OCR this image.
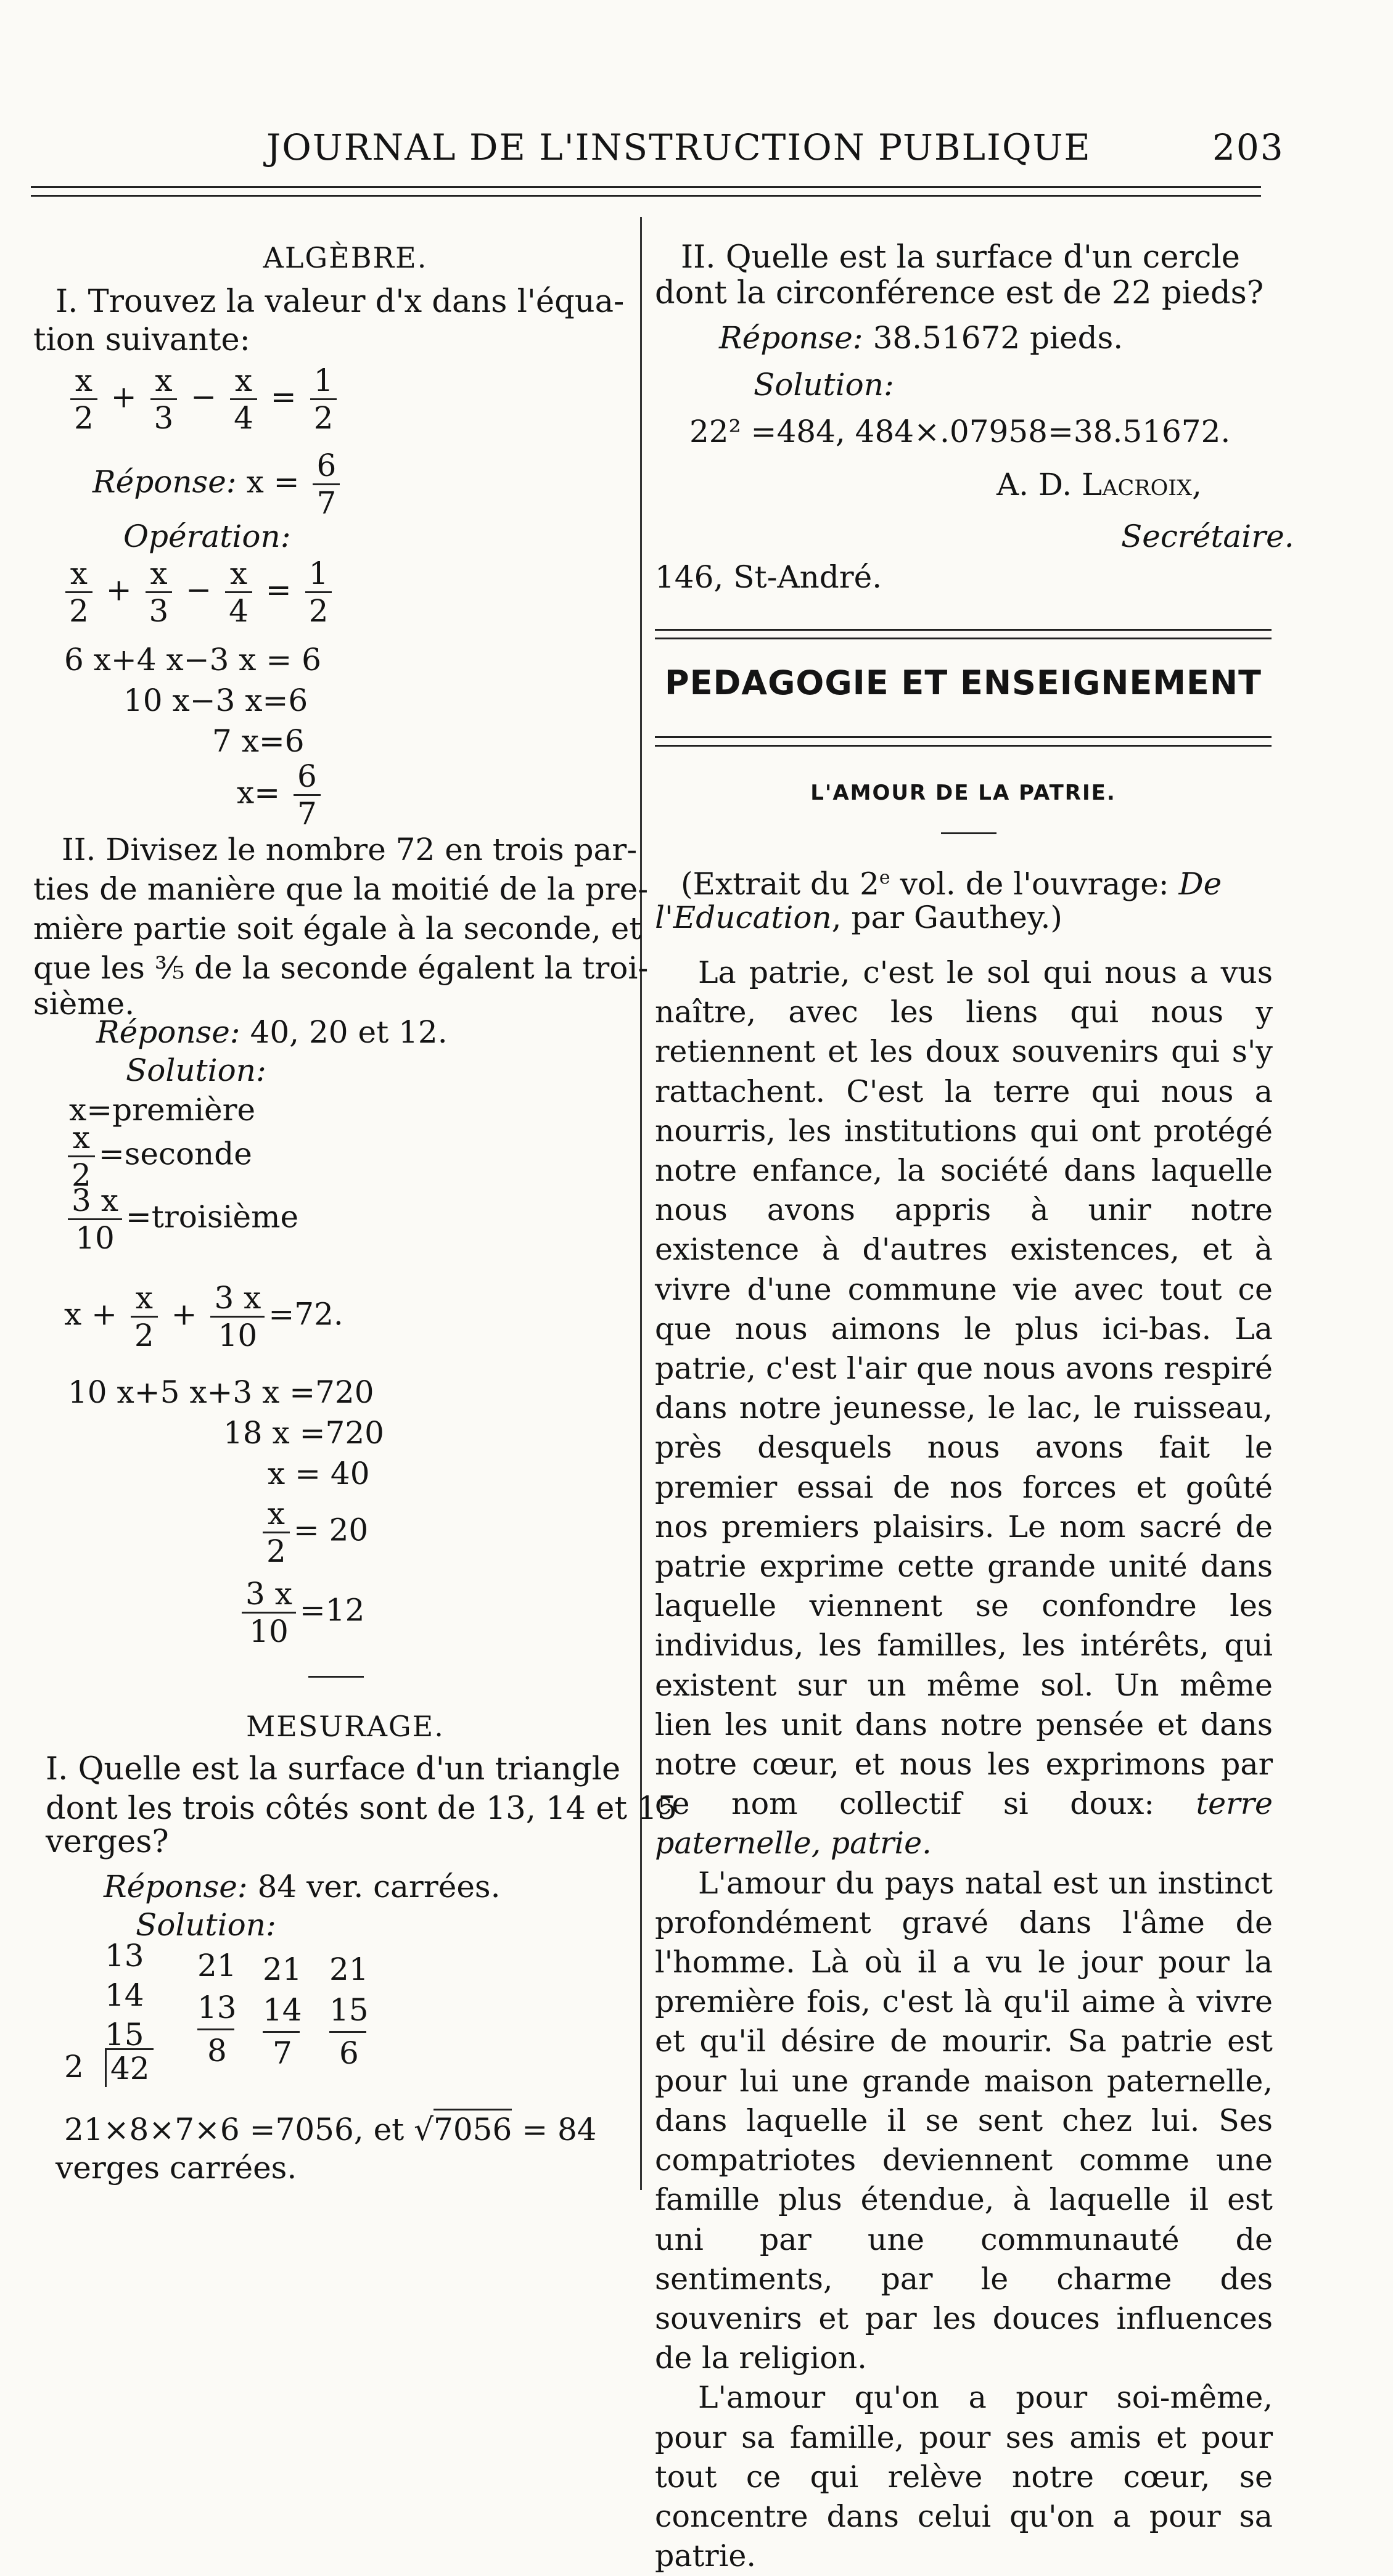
JOURNAL DE L'INSTRUCTION PUBLIQUE	203
ALGÈBRE.
I. Trouvez la valeur d'x dans l'équa-
tion suivante:
$\frac{x}{2} + \frac{x}{3} - \frac{x}{4} = \frac{1}{2}$
Réponse: $x = \frac{6}{7}$
Opération:
$\frac{x}{2} + \frac{x}{3} - \frac{x}{4} = \frac{1}{2}$
6 x+4 x−3 x = 6
10 x−3 x=6
7 x=6
$x= \frac{6}{7}$
II. Divisez le nombre 72 en trois par-
ties de manière que la moitié de la pre-
mière partie soit égale à la seconde, et
que les ⅗ de la seconde égalent la troi-
sième.
Réponse: 40, 20 et 12.
Solution:
x=première
$\frac{x}{2}$ =seconde
$\frac{3 x}{10}$ =troisième
$x + \frac{x}{2} + \frac{3 x}{10} =72$.
10 x+5 x+3 x =720
18 x =720
x = 40
$\frac{x}{2} = 20$
$\frac{3 x}{10} =12$
MESURAGE.
I. Quelle est la surface d'un triangle
dont les trois côtés sont de 13, 14 et 15
verges?
Réponse: 84 ver. carrées.
Solution:
13
14
15
2 42
21
13
8
21
14
7
21
15
6
21×8×7×6 =7056, et √7056 = 84
verges carrées.
II. Quelle est la surface d'un cercle
dont la circonférence est de 22 pieds?
Réponse: 38.51672 pieds.
Solution:
22² =484, 484×.07958=38.51672.
A. D. Lacroix,
Secrétaire.
146, St-André.
PEDAGOGIE ET ENSEIGNEMENT
L'AMOUR DE LA PATRIE.
(Extrait du 2e vol. de l'ouvrage: De
l'Education, par Gauthey.)

La patrie, c'est le sol qui nous a vus naître, avec les liens qui nous y retiennent et les doux souvenirs qui s'y rattachent. C'est la terre qui nous a nourris, les institutions qui ont protégé notre enfance, la société dans laquelle nous avons appris à unir notre existence à d'autres existences, et à vivre d'une commune vie avec tout ce que nous aimons le plus ici-bas. La patrie, c'est l'air que nous avons respiré dans notre jeunesse, le lac, le ruisseau, près desquels nous avons fait le premier essai de nos forces et goûté nos premiers plaisirs. Le nom sacré de patrie exprime cette grande unité dans laquelle viennent se confondre les individus, les familles, les intérêts, qui existent sur un même sol. Un même lien les unit dans notre pensée et dans notre cœur, et nous les exprimons par ce nom collectif si doux: terre paternelle, patrie.

L'amour du pays natal est un instinct profondément gravé dans l'âme de l'homme. Là où il a vu le jour pour la première fois, c'est là qu'il aime à vivre et qu'il désire de mourir. Sa patrie est pour lui une grande maison paternelle, dans laquelle il se sent chez lui. Ses compatriotes deviennent comme une famille plus étendue, à laquelle il est uni par une communauté de sentiments, par le charme des souvenirs et par les douces influences de la religion.

L'amour qu'on a pour soi-même, pour sa famille, pour ses amis et pour tout ce qui relève notre cœur, se concentre dans celui qu'on a pour sa patrie.
